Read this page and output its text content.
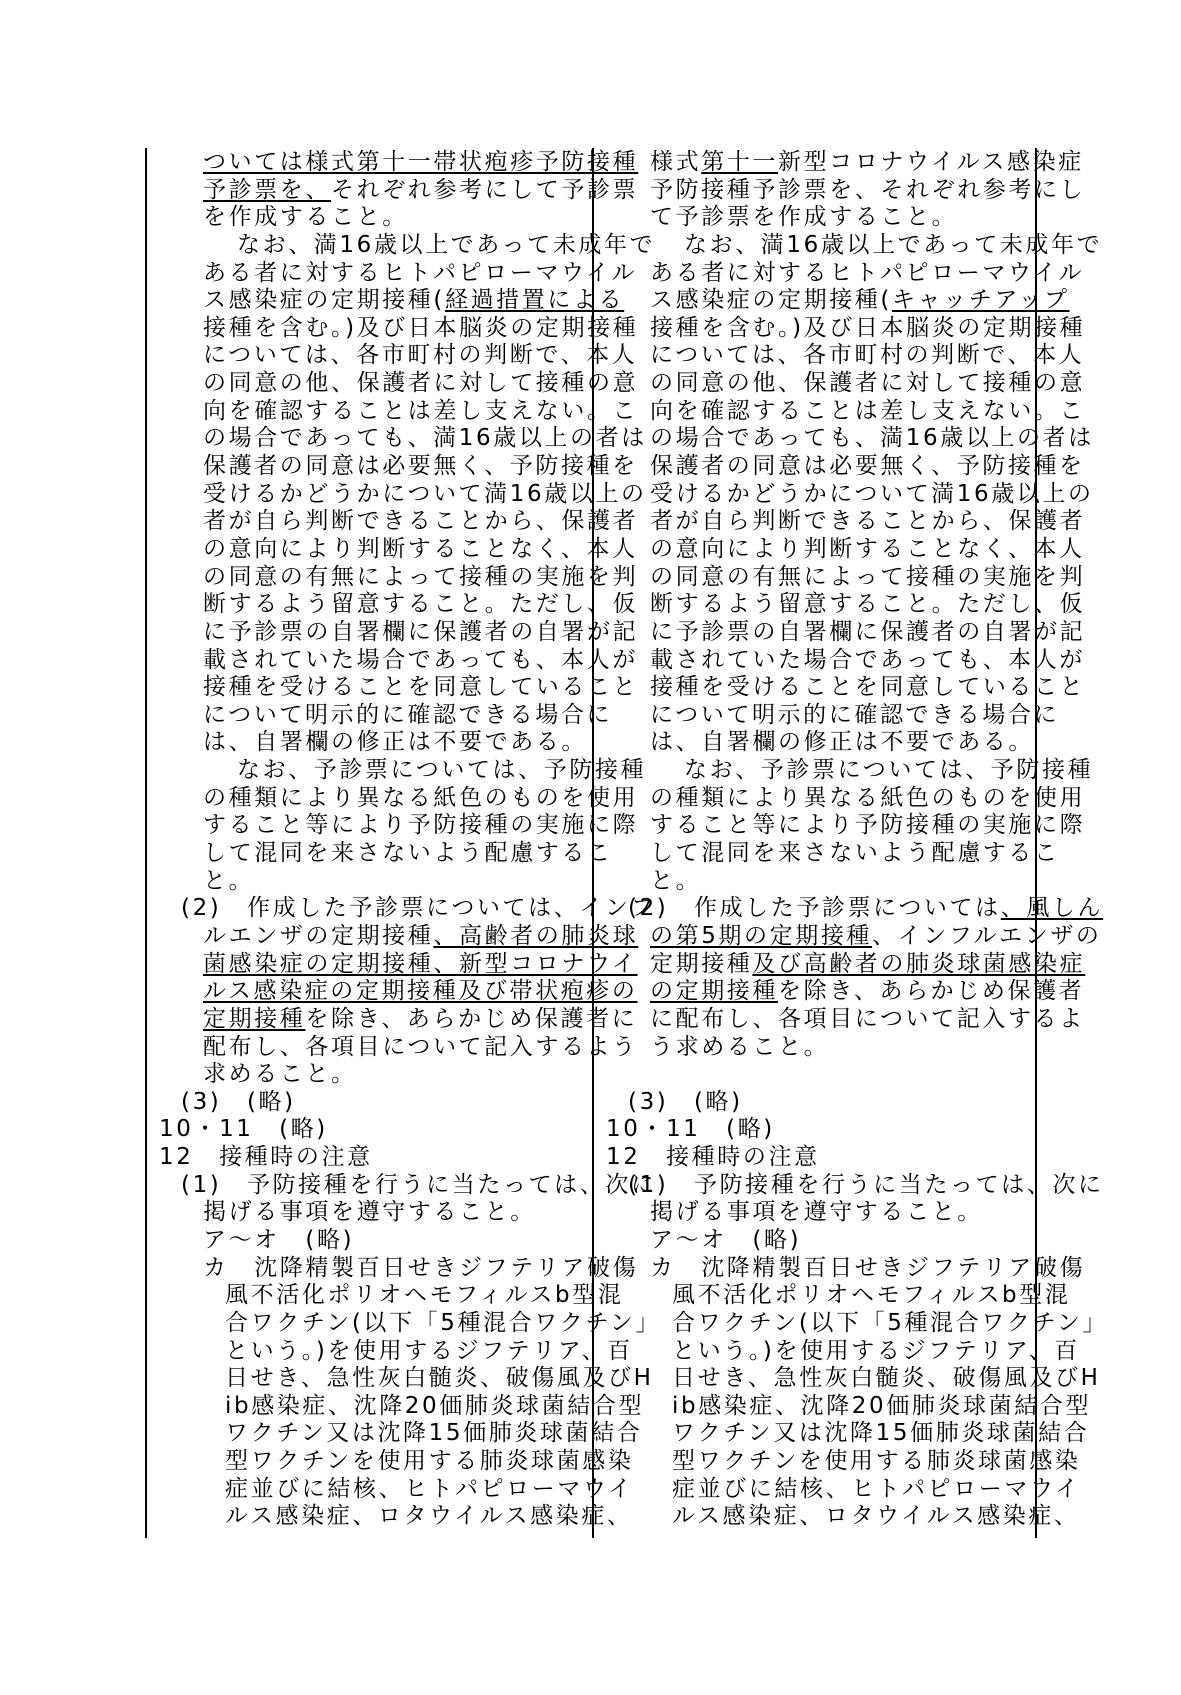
ついては様式第十一帯状疱疹予防接種
予診票を、それぞれ参考にして予診票
を作成すること。
なお、満16歳以上であって未成年で
ある者に対するヒトパピローマウイル
ス感染症の定期接種(経過措置による
接種を含む。)及び日本脳炎の定期接種
については、各市町村の判断で、本人
の同意の他、保護者に対して接種の意
向を確認することは差し支えない。こ
の場合であっても、満16歳以上の者は
保護者の同意は必要無く、予防接種を
受けるかどうかについて満16歳以上の
者が自ら判断できることから、保護者
の意向により判断することなく、本人
の同意の有無によって接種の実施を判
断するよう留意すること。ただし、仮
に予診票の自署欄に保護者の自署が記
載されていた場合であっても、本人が
接種を受けることを同意していること
について明示的に確認できる場合に
は、自署欄の修正は不要である。
なお、予診票については、予防接種
の種類により異なる紙色のものを使用
すること等により予防接種の実施に際
して混同を来さないよう配慮するこ
と。
(2)　作成した予診票については、インフ
ルエンザの定期接種、高齢者の肺炎球
菌感染症の定期接種、新型コロナウイ
ルス感染症の定期接種及び帯状疱疹の
定期接種を除き、あらかじめ保護者に
配布し、各項目について記入するよう
求めること。
(3)　(略)
10・11　(略)
12　接種時の注意
(1)　予防接種を行うに当たっては、次に
掲げる事項を遵守すること。
ア～オ　(略)
カ　沈降精製百日せきジフテリア破傷
風不活化ポリオヘモフィルスb型混
合ワクチン(以下「5種混合ワクチン」
という。)を使用するジフテリア、百
日せき、急性灰白髄炎、破傷風及びH
ib感染症、沈降20価肺炎球菌結合型
ワクチン又は沈降15価肺炎球菌結合
型ワクチンを使用する肺炎球菌感染
症並びに結核、ヒトパピローマウイ
ルス感染症、ロタウイルス感染症、
様式第十一新型コロナウイルス感染症
予防接種予診票を、それぞれ参考にし
て予診票を作成すること。
なお、満16歳以上であって未成年で
ある者に対するヒトパピローマウイル
ス感染症の定期接種(キャッチアップ
接種を含む。)及び日本脳炎の定期接種
については、各市町村の判断で、本人
の同意の他、保護者に対して接種の意
向を確認することは差し支えない。こ
の場合であっても、満16歳以上の者は
保護者の同意は必要無く、予防接種を
受けるかどうかについて満16歳以上の
者が自ら判断できることから、保護者
の意向により判断することなく、本人
の同意の有無によって接種の実施を判
断するよう留意すること。ただし、仮
に予診票の自署欄に保護者の自署が記
載されていた場合であっても、本人が
接種を受けることを同意していること
について明示的に確認できる場合に
は、自署欄の修正は不要である。
なお、予診票については、予防接種
の種類により異なる紙色のものを使用
すること等により予防接種の実施に際
して混同を来さないよう配慮するこ
と。
(2)　作成した予診票については、風しん
の第5期の定期接種、インフルエンザの
定期接種及び高齢者の肺炎球菌感染症
の定期接種を除き、あらかじめ保護者
に配布し、各項目について記入するよ
う求めること。
(3)　(略)
10・11　(略)
12　接種時の注意
(1)　予防接種を行うに当たっては、次に
掲げる事項を遵守すること。
ア～オ　(略)
カ　沈降精製百日せきジフテリア破傷
風不活化ポリオヘモフィルスb型混
合ワクチン(以下「5種混合ワクチン」
という。)を使用するジフテリア、百
日せき、急性灰白髄炎、破傷風及びH
ib感染症、沈降20価肺炎球菌結合型
ワクチン又は沈降15価肺炎球菌結合
型ワクチンを使用する肺炎球菌感染
症並びに結核、ヒトパピローマウイ
ルス感染症、ロタウイルス感染症、
